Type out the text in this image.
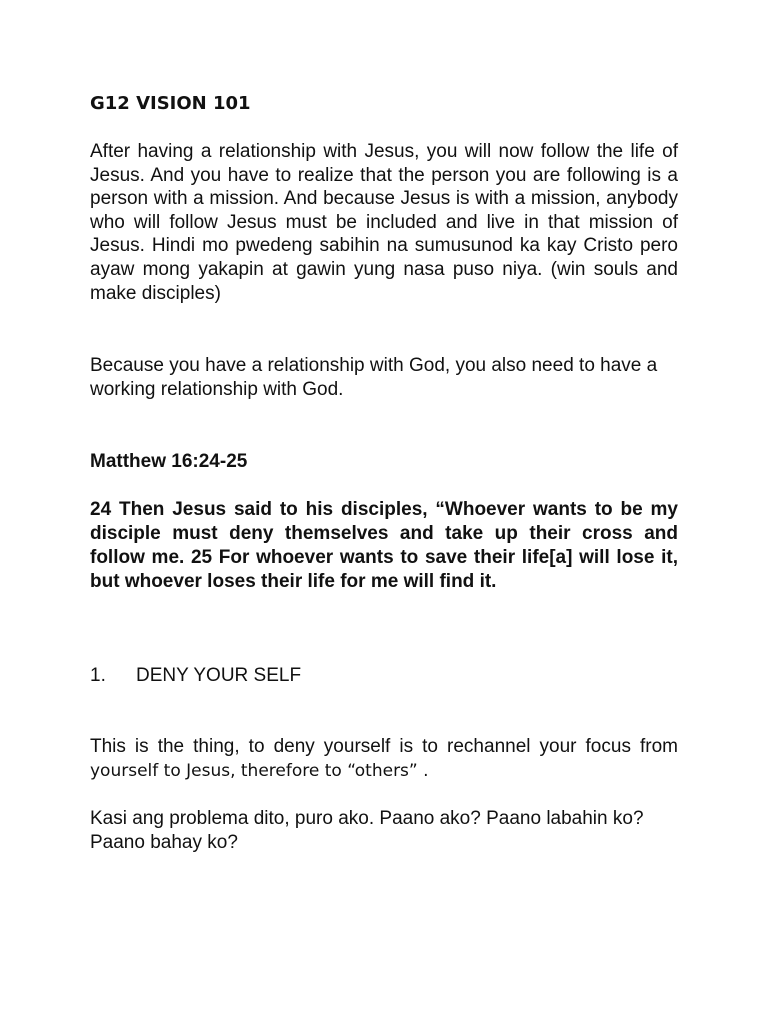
G12 VISION 101

After having a relationship with Jesus, you will now follow the life of Jesus. And you have to realize that the person you are following is a person with a mission. And because Jesus is with a mission, anybody who will follow Jesus must be included and live in that mission of Jesus. Hindi mo pwedeng sabihin na sumusunod ka kay Cristo pero ayaw mong yakapin at gawin yung nasa puso niya. (win souls and make disciples)

Because you have a relationship with God, you also need to have a working relationship with God.

Matthew 16:24-25

24 Then Jesus said to his disciples, “Whoever wants to be my disciple must deny themselves and take up their cross and follow me. 25 For whoever wants to save their life[a] will lose it, but whoever loses their life for me will find it.

1. DENY YOUR SELF

This is the thing, to deny yourself is to rechannel your focus from yourself to Jesus, therefore to “others” .

Kasi ang problema dito, puro ako. Paano ako? Paano labahin ko? Paano bahay ko?
